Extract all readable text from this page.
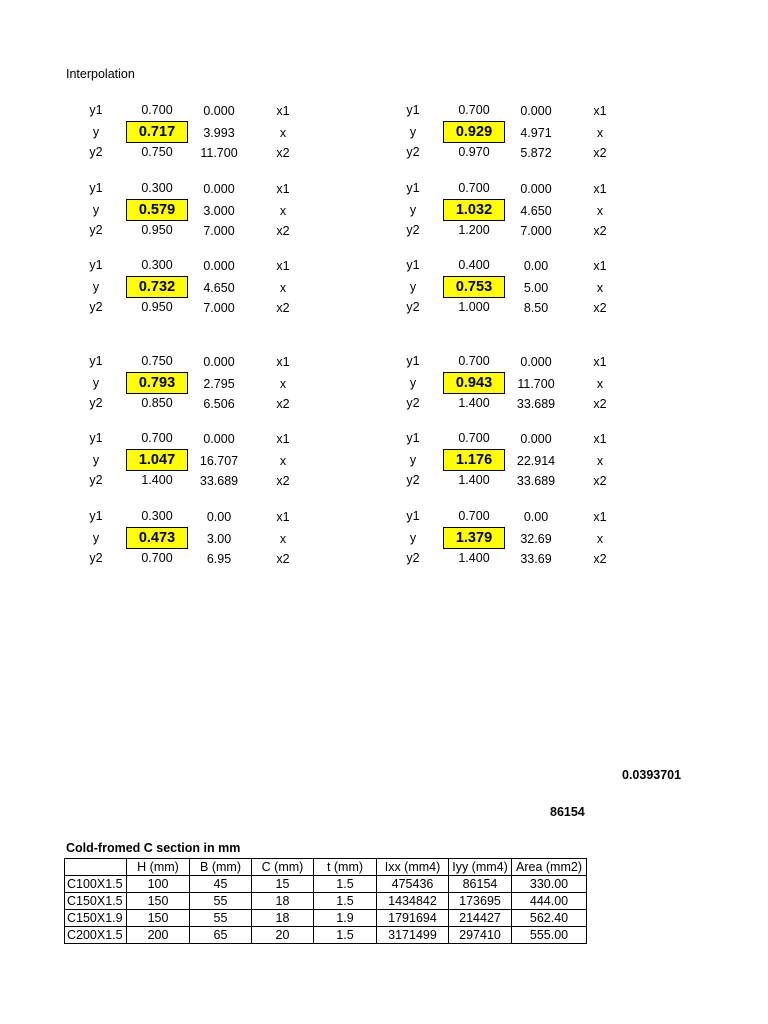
Interpolation
y1	0.700	0.000	x1
y	0.717	3.993	x
y2	0.750	11.700	x2
y1	0.700	0.000	x1
y	0.929	4.971	x
y2	0.970	5.872	x2
y1	0.300	0.000	x1
y	0.579	3.000	x
y2	0.950	7.000	x2
y1	0.700	0.000	x1
y	1.032	4.650	x
y2	1.200	7.000	x2
y1	0.300	0.000	x1
y	0.732	4.650	x
y2	0.950	7.000	x2
y1	0.400	0.00	x1
y	0.753	5.00	x
y2	1.000	8.50	x2
y1	0.750	0.000	x1
y	0.793	2.795	x
y2	0.850	6.506	x2
y1	0.700	0.000	x1
y	0.943	11.700	x
y2	1.400	33.689	x2
y1	0.700	0.000	x1
y	1.047	16.707	x
y2	1.400	33.689	x2
y1	0.700	0.000	x1
y	1.176	22.914	x
y2	1.400	33.689	x2
y1	0.300	0.00	x1
y	0.473	3.00	x
y2	0.700	6.95	x2
y1	0.700	0.00	x1
y	1.379	32.69	x
y2	1.400	33.69	x2
0.0393701
86154
Cold-fromed C section in mm
	H (mm)	B (mm)	C (mm)	t (mm)	Ixx (mm4)	Iyy (mm4)	Area (mm2)
C100X1.5	100	45	15	1.5	475436	86154	330.00
C150X1.5	150	55	18	1.5	1434842	173695	444.00
C150X1.9	150	55	18	1.9	1791694	214427	562.40
C200X1.5	200	65	20	1.5	3171499	297410	555.00
